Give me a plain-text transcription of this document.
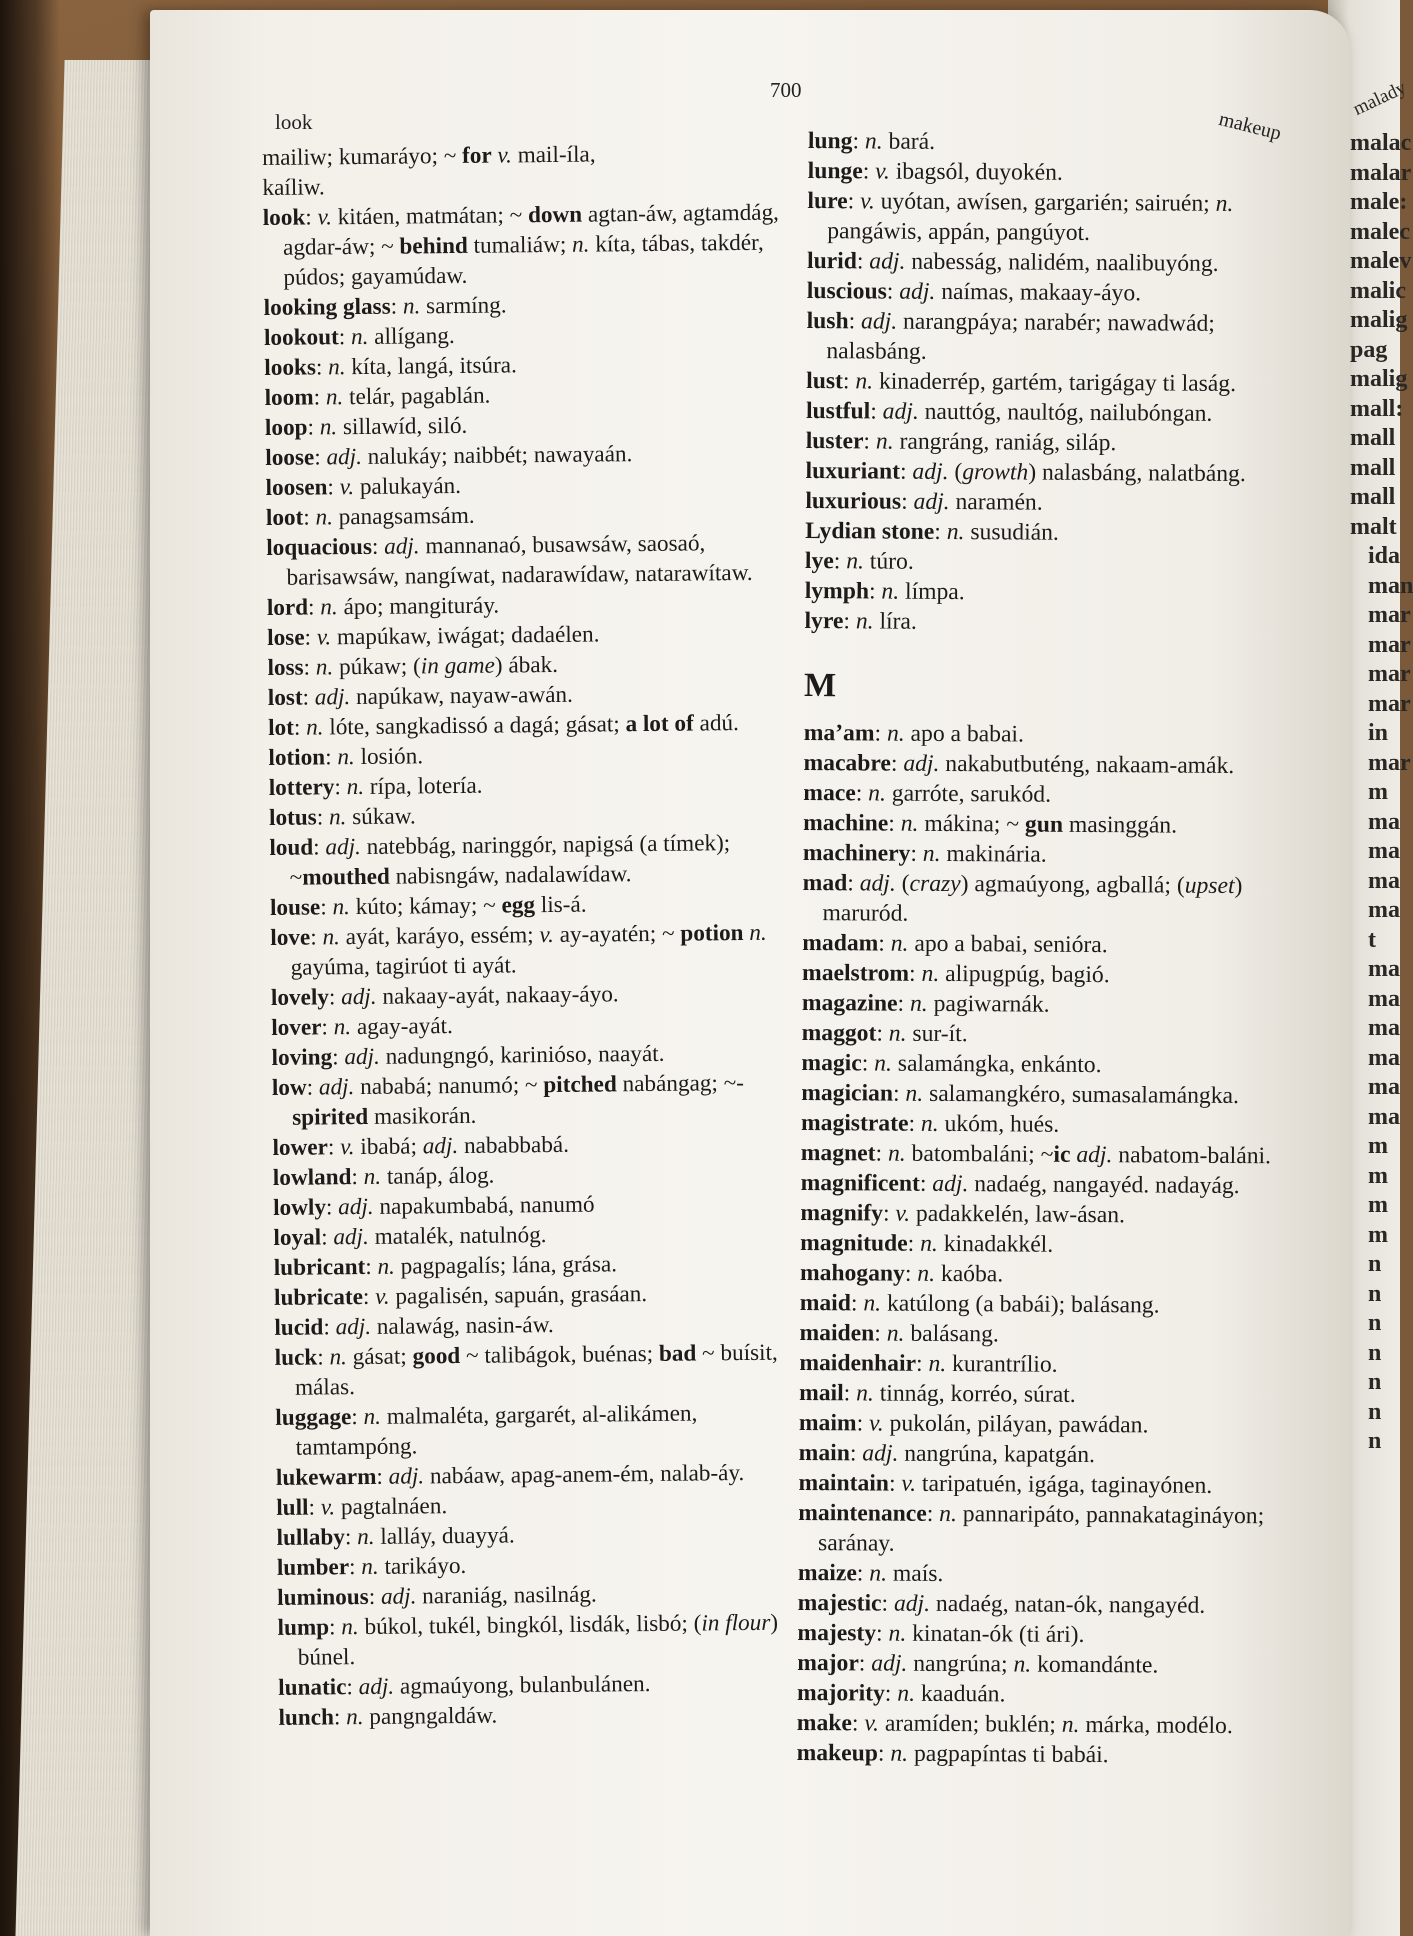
malady
malac
malar
male:
malec
malev
malic
malig
pag
malig
mall:
mall
mall
mall
malt
ida
man
mar
mar
mar
mar
in
mar
m
ma
ma
ma
ma
t
ma
ma
ma
ma
ma
ma
m
m
m
m
n
n
n
n
n
n
n
700
look	makeup

mailiw; kumaráyo; ~ for v. mail-íla,

kaíliw.

look: v. kitáen, matmátan; ~ down agtan-áw, agtamdág, agdar-áw; ~ behind tumaliáw; n. kíta, tábas, takdér, púdos; gayamúdaw.

looking glass: n. sarmíng.

lookout: n. allígang.

looks: n. kíta, langá, itsúra.

loom: n. telár, pagablán.

loop: n. sillawíd, siló.

loose: adj. nalukáy; naibbét; nawayaán.

loosen: v. palukayán.

loot: n. panagsamsám.

loquacious: adj. mannanaó, busawsáw, saosaó, barisawsáw, nangíwat, nadarawídaw, natarawítaw.

lord: n. ápo; mangituráy.

lose: v. mapúkaw, iwágat; dadaélen.

loss: n. púkaw; (in game) ábak.

lost: adj. napúkaw, nayaw-awán.

lot: n. lóte, sangkadissó a dagá; gásat; a lot of adú.

lotion: n. losión.

lottery: n. rípa, lotería.

lotus: n. súkaw.

loud: adj. natebbág, naringgór, napigsá (a tímek); ~mouthed nabisngáw, nadalawídaw.

louse: n. kúto; kámay; ~ egg lis-á.

love: n. ayát, karáyo, essém; v. ay-ayatén; ~ potion n. gayúma, tagirúot ti ayát.

lovely: adj. nakaay-ayát, nakaay-áyo.

lover: n. agay-ayát.

loving: adj. nadungngó, karinióso, naayát.

low: adj. nababá; nanumó; ~ pitched nabángag; ~-spirited masikorán.

lower: v. ibabá; adj. nababbabá.

lowland: n. tanáp, álog.

lowly: adj. napakumbabá, nanumó

loyal: adj. matalék, natulnóg.

lubricant: n. pagpagalís; lána, grása.

lubricate: v. pagalisén, sapuán, grasáan.

lucid: adj. nalawág, nasin-áw.

luck: n. gásat; good ~ talibágok, buénas; bad ~ buísit, málas.

luggage: n. malmaléta, gargarét, al-alikámen, tamtampóng.

lukewarm: adj. nabáaw, apag-anem-ém, nalab-áy.

lull: v. pagtalnáen.

lullaby: n. lalláy, duayyá.

lumber: n. tarikáyo.

luminous: adj. naraniág, nasilnág.

lump: n. búkol, tukél, bingkól, lisdák, lisbó; (in flour) búnel.

lunatic: adj. agmaúyong, bulanbulánen.

lunch: n. pangngaldáw.

lung: n. bará.

lunge: v. ibagsól, duyokén.

lure: v. uyótan, awísen, gargarién; sairuén; n. pangáwis, appán, pangúyot.

lurid: adj. nabesság, nalidém, naalibuyóng.

luscious: adj. naímas, makaay-áyo.

lush: adj. narangpáya; narabér; nawadwád; nalasbáng.

lust: n. kinaderrép, gartém, tarigágay ti laság.

lustful: adj. nauttóg, naultóg, nailubóngan.

luster: n. rangráng, raniág, siláp.

luxuriant: adj. (growth) nalasbáng, nalatbáng.

luxurious: adj. naramén.

Lydian stone: n. susudián.

lye: n. túro.

lymph: n. límpa.

lyre: n. líra.

M

ma’am: n. apo a babai.

macabre: adj. nakabutbuténg, nakaam-amák.

mace: n. garróte, sarukód.

machine: n. mákina; ~ gun masinggán.

machinery: n. makinária.

mad: adj. (crazy) agmaúyong, agballá; (upset) maruród.

madam: n. apo a babai, senióra.

maelstrom: n. alipugpúg, bagió.

magazine: n. pagiwarnák.

maggot: n. sur-ít.

magic: n. salamángka, enkánto.

magician: n. salamangkéro, sumasalamángka.

magistrate: n. ukóm, hués.

magnet: n. batombaláni; ~ic adj. nabatom-baláni.

magnificent: adj. nadaég, nangayéd. nadayág.

magnify: v. padakkelén, law-ásan.

magnitude: n. kinadakkél.

mahogany: n. kaóba.

maid: n. katúlong (a babái); balásang.

maiden: n. balásang.

maidenhair: n. kurantrílio.

mail: n. tinnág, korréo, súrat.

maim: v. pukolán, piláyan, pawádan.

main: adj. nangrúna, kapatgán.

maintain: v. taripatuén, igága, taginayónen.

maintenance: n. pannaripáto, pannakatagináyon; saránay.

maize: n. maís.

majestic: adj. nadaég, natan-ók, nangayéd.

majesty: n. kinatan-ók (ti ári).

major: adj. nangrúna; n. komandánte.

majority: n. kaaduán.

make: v. aramíden; buklén; n. márka, modélo.

makeup: n. pagpapíntas ti babái.
